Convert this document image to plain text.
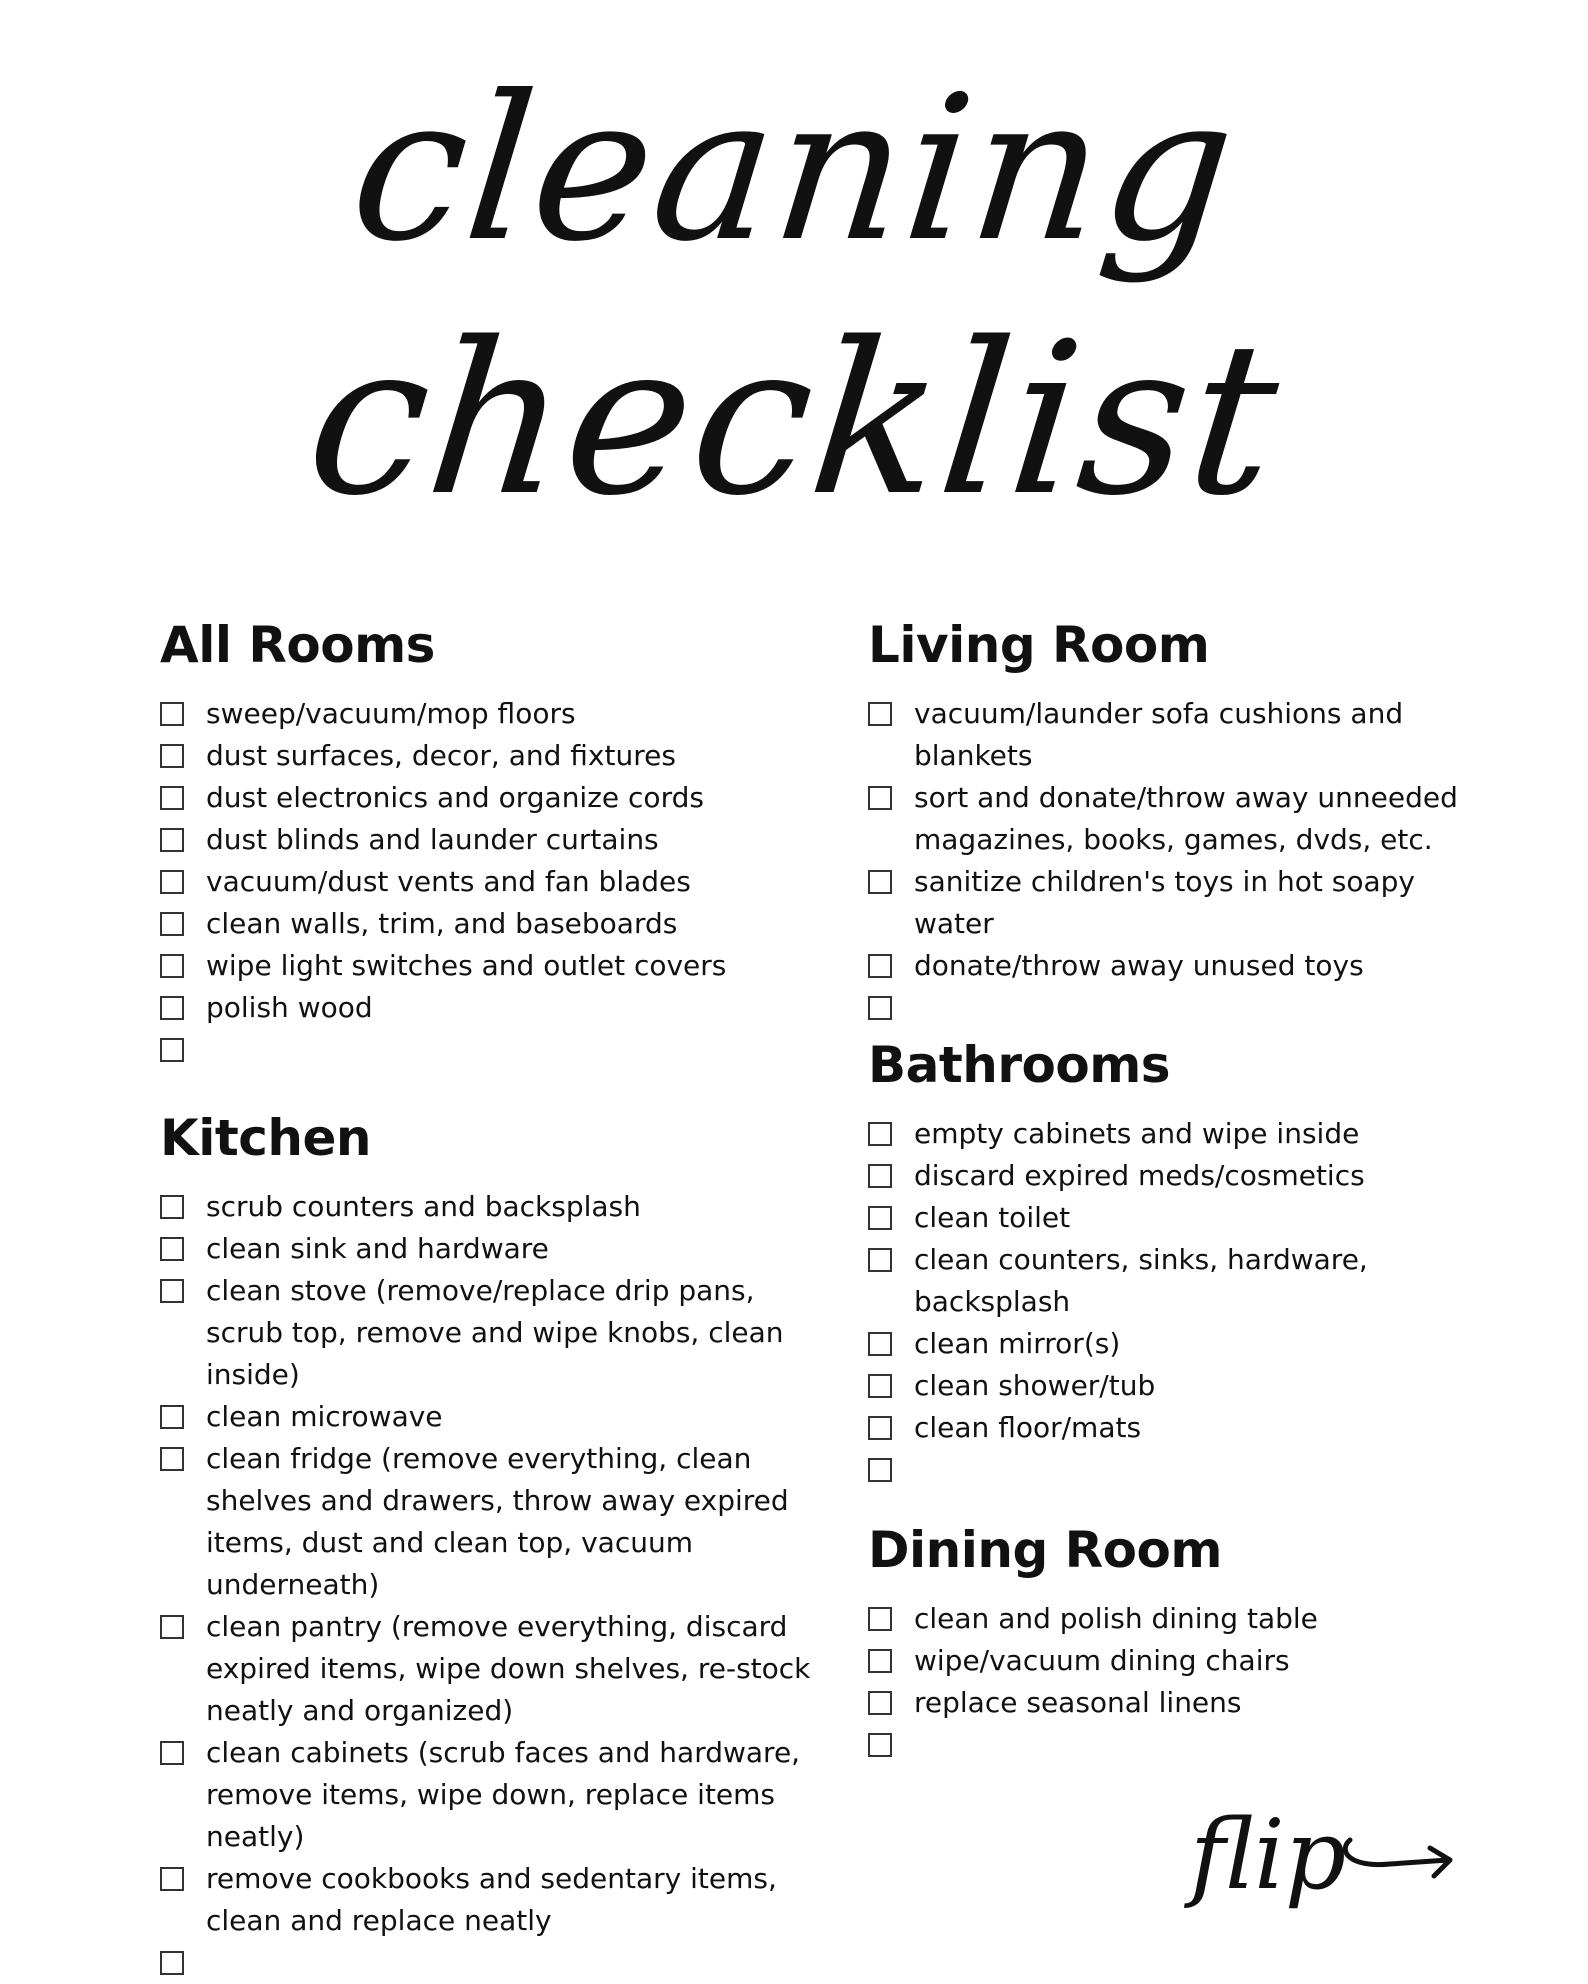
cleaning
checklist
All Rooms
sweep/vacuum/mop floors
dust surfaces, decor, and fixtures
dust electronics and organize cords
dust blinds and launder curtains
vacuum/dust vents and fan blades
clean walls, trim, and baseboards
wipe light switches and outlet covers
polish wood
Kitchen
scrub counters and backsplash
clean sink and hardware
clean stove (remove/replace drip pans, scrub top, remove and wipe knobs, clean inside)
clean microwave
clean fridge (remove everything, clean shelves and drawers, throw away expired items, dust and clean top, vacuum underneath)
clean pantry (remove everything, discard expired items, wipe down shelves, re-stock neatly and organized)
clean cabinets (scrub faces and hardware, remove items, wipe down, replace items neatly)
remove cookbooks and sedentary items, clean and replace neatly
Living Room
vacuum/launder sofa cushions and blankets
sort and donate/throw away unneeded magazines, books, games, dvds, etc.
sanitize children's toys in hot soapy water
donate/throw away unused toys
Bathrooms
empty cabinets and wipe inside
discard expired meds/cosmetics
clean toilet
clean counters, sinks, hardware, backsplash
clean mirror(s)
clean shower/tub
clean floor/mats
Dining Room
clean and polish dining table
wipe/vacuum dining chairs
replace seasonal linens
flip
